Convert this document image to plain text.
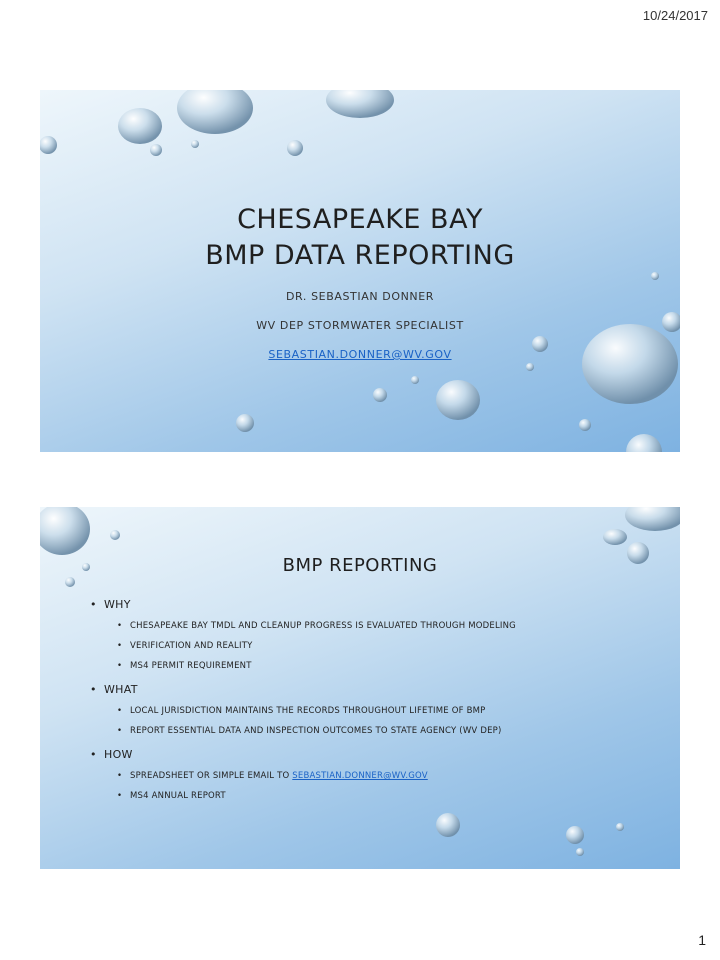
10/24/2017
CHESAPEAKE BAY
BMP DATA REPORTING
DR. SEBASTIAN DONNER
WV DEP STORMWATER SPECIALIST
SEBASTIAN.DONNER@WV.GOV
BMP REPORTING
• WHY
• CHESAPEAKE BAY TMDL AND CLEANUP PROGRESS IS EVALUATED THROUGH MODELING
• VERIFICATION AND REALITY
• MS4 PERMIT REQUIREMENT
• WHAT
• LOCAL JURISDICTION MAINTAINS THE RECORDS THROUGHOUT LIFETIME OF BMP
• REPORT ESSENTIAL DATA AND INSPECTION OUTCOMES TO STATE AGENCY (WV DEP)
• HOW
• SPREADSHEET OR SIMPLE EMAIL TO SEBASTIAN.DONNER@WV.GOV
• MS4 ANNUAL REPORT
1
